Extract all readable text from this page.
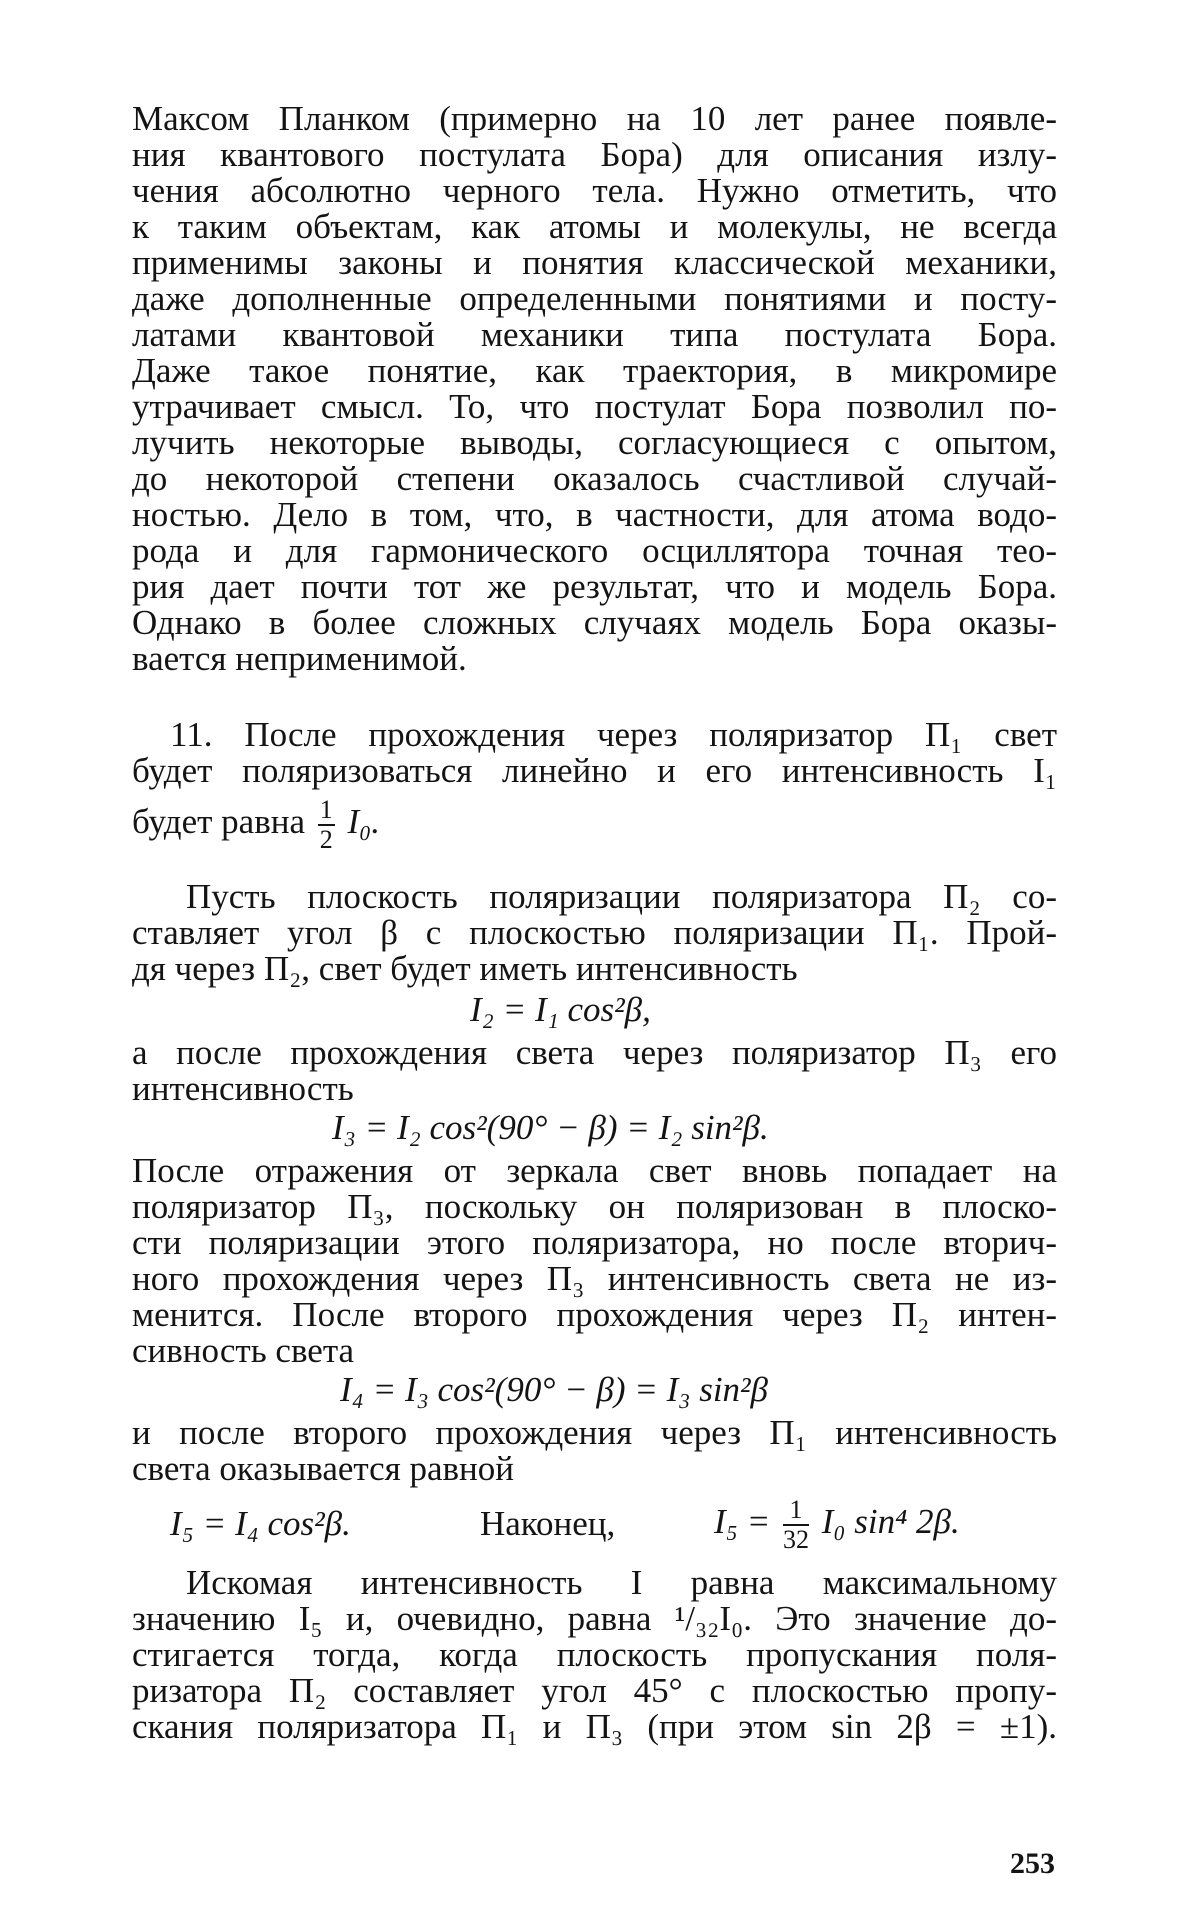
Максом Планком (примерно на 10 лет ранее появле-
ния квантового постулата Бора) для описания излу-
чения абсолютно черного тела. Нужно отметить, что
к таким объектам, как атомы и молекулы, не всегда
применимы законы и понятия классической механики,
даже дополненные определенными понятиями и посту-
латами квантовой механики типа постулата Бора.
Даже такое понятие, как траектория, в микромире
утрачивает смысл. То, что постулат Бора позволил по-
лучить некоторые выводы, согласующиеся с опытом,
до некоторой степени оказалось счастливой случай-
ностью. Дело в том, что, в частности, для атома водо-
рода и для гармонического осциллятора точная тео-
рия дает почти тот же результат, что и модель Бора.
Однако в более сложных случаях модель Бора оказы-
вается неприменимой.
11. После прохождения через поляризатор П₁ свет
будет поляризоваться линейно и его интенсивность I₁
будет равна $\frac{1}{2} I_0$.
Пусть плоскость поляризации поляризатора П₂ со-
ставляет угол β с плоскостью поляризации П₁. Прой-
дя через П₂, свет будет иметь интенсивность
I₂ = I₁ cos²β,
а после прохождения света через поляризатор П₃ его
интенсивность
I₃ = I₂ cos²(90° − β) = I₂ sin²β.
После отражения от зеркала свет вновь попадает на
поляризатор П₃, поскольку он поляризован в плоско-
сти поляризации этого поляризатора, но после вторич-
ного прохождения через П₃ интенсивность света не из-
менится. После второго прохождения через П₂ интен-
сивность света
I₄ = I₃ cos²(90° − β) = I₃ sin²β
и после второго прохождения через П₁ интенсивность
света оказывается равной
I₅ = I₄ cos²β.	Наконец,	$I_5 = \frac{1}{32} I_0$ sin⁴ 2β.
Искомая интенсивность I равна максимальному
значению I₅ и, очевидно, равна ¹/₃₂I₀. Это значение до-
стигается тогда, когда плоскость пропускания поля-
ризатора П₂ составляет угол 45° с плоскостью пропу-
скания поляризатора П₁ и П₃ (при этом sin 2β = ±1).
253
